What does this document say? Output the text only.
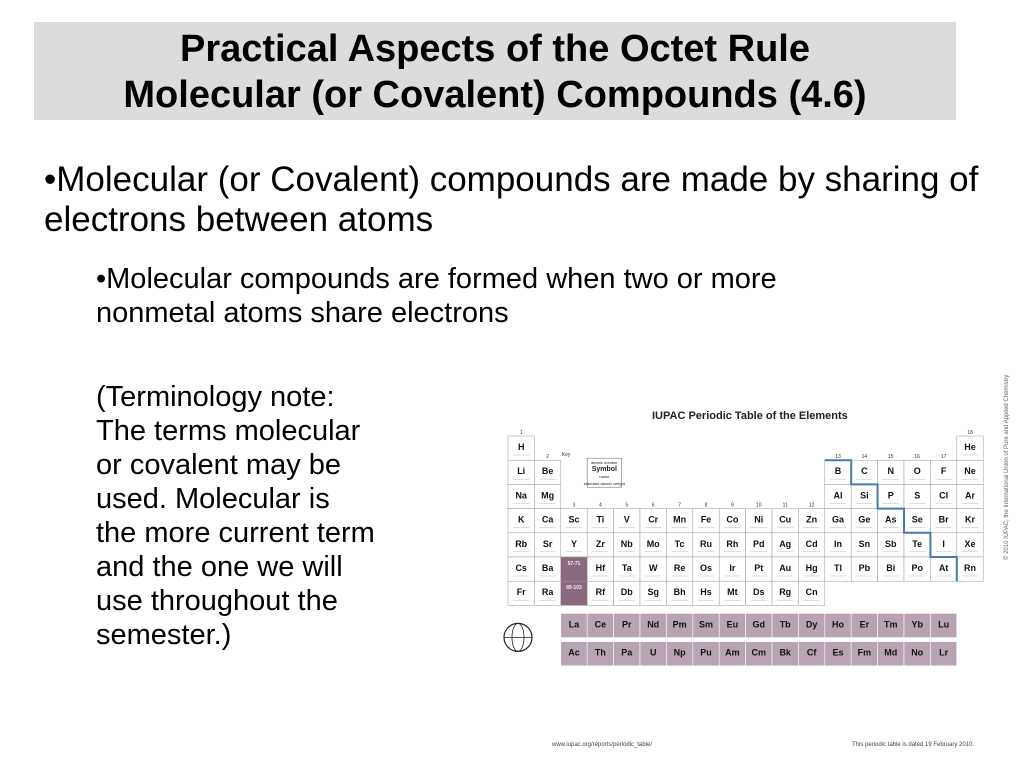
Practical Aspects of the Octet Rule
Molecular (or Covalent) Compounds (4.6)
•Molecular (or Covalent) compounds are made by sharing of electrons between atoms
•Molecular compounds are formed when two or more nonmetal atoms share electrons
(Terminology note:
The terms molecular
or covalent may be
used. Molecular is
the more current term
and the one we will
use throughout the
semester.)
1
2
3	4	5	6	7	8	9	10	11	12
13	14	15	16	17
18
H	He
Li Be	B C N O F Ne
Na Mg	Al Si P S Cl Ar
K Ca Sc Ti V Cr Mn Fe Co Ni Cu Zn Ga Ge As Se Br Kr
Rb Sr Y Zr Nb Mo Tc Ru Rh Pd Ag Cd In Sn Sb Te I Xe
Cs Ba	57-71 Hf Ta W Re Os Ir Pt Au Hg Tl Pb Bi Po At Rn
Fr Ra	89-103 Rf Db Sg Bh Hs Mt Ds Rg Cn
Key
atomic number
Symbol
name
standard atomic weight
La Ce Pr Nd Pm Sm Eu Gd Tb Dy Ho Er Tm Yb Lu
Ac Th Pa U Np Pu Am Cm Bk Cf Es Fm Md No Lr
IUPAC Periodic Table of the Elements
www.iupac.org/reports/periodic_table/	This periodic table is dated 19 February 2010.
© 2010 IUPAC, the International Union of Pure and Applied Chemistry
